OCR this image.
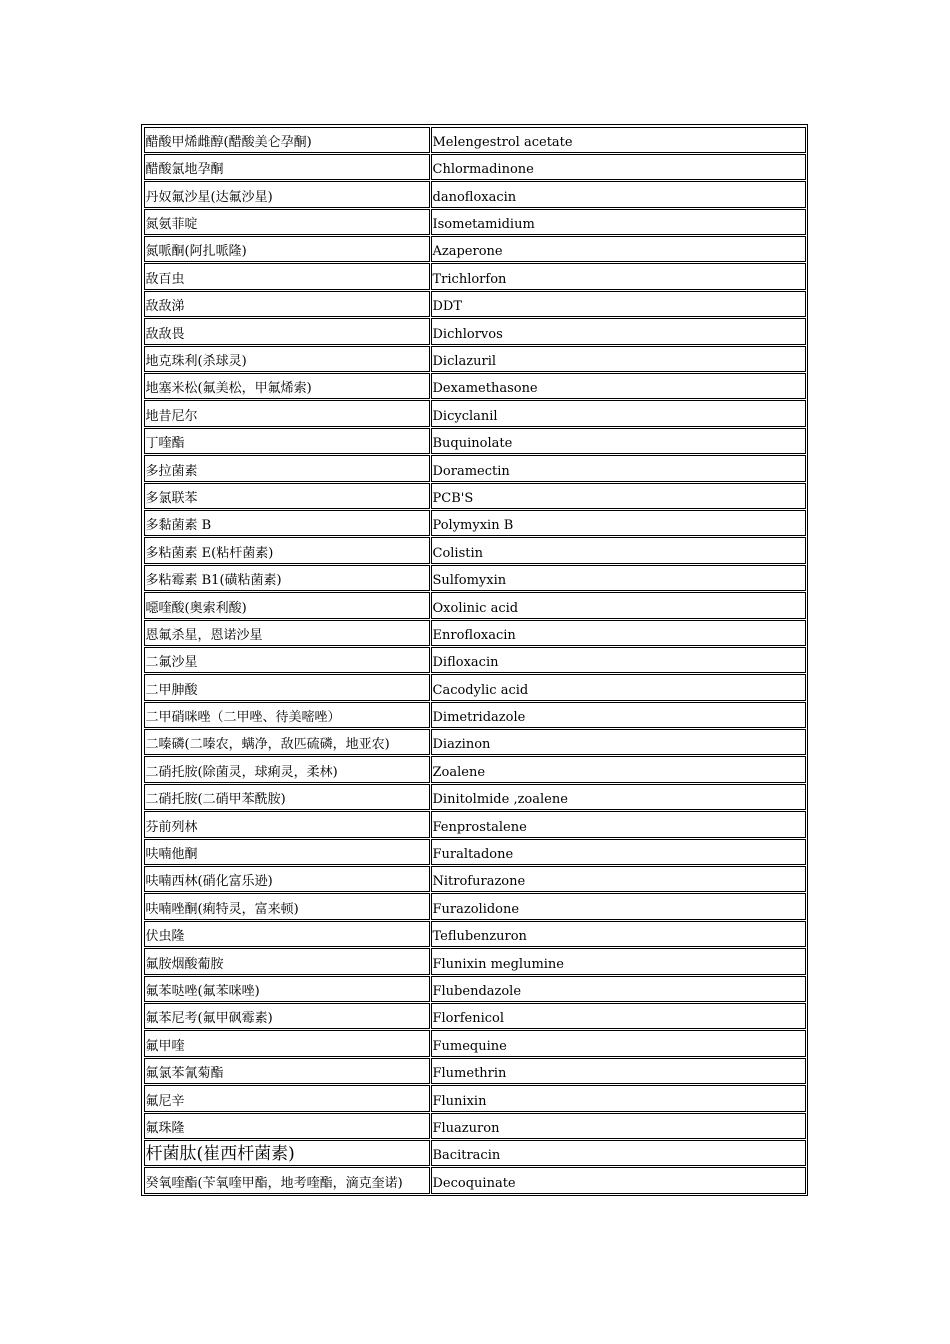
醋酸甲烯雌醇(醋酸美仑孕酮)	Melengestrol acetate
醋酸氯地孕酮	Chlormadinone
丹奴氟沙星(达氟沙星)	danofloxacin
氮氨菲啶	Isometamidium
氮哌酮(阿扎哌隆)	Azaperone
敌百虫	Trichlorfon
敌敌涕	DDT
敌敌畏	Dichlorvos
地克珠利(杀球灵)	Diclazuril
地塞米松(氟美松，甲氟烯索)	Dexamethasone
地昔尼尔	Dicyclanil
丁喹酯	Buquinolate
多拉菌素	Doramectin
多氯联苯	PCB'S
多黏菌素 B	Polymyxin B
多粘菌素 E(粘杆菌素)	Colistin
多粘霉素 B1(磺粘菌素)	Sulfomyxin
噁喹酸(奥索利酸)	Oxolinic acid
恩氟杀星，恩诺沙星	Enrofloxacin
二氟沙星	Difloxacin
二甲胂酸	Cacodylic acid
二甲硝咪唑（二甲唑、待美嘧唑）	Dimetridazole
二嗪磷(二嗪农，螨净，敌匹硫磷，地亚农)	Diazinon
二硝托胺(除菌灵，球痢灵，柔林)	Zoalene
二硝托胺(二硝甲苯酰胺)	Dinitolmide ,zoalene
芬前列林	Fenprostalene
呋喃他酮	Furaltadone
呋喃西林(硝化富乐逊)	Nitrofurazone
呋喃唑酮(痢特灵，富来顿)	Furazolidone
伏虫隆	Teflubenzuron
氟胺烟酸葡胺	Flunixin meglumine
氟苯哒唑(氟苯咪唑)	Flubendazole
氟苯尼考(氟甲砜霉素)	Florfenicol
氟甲喹	Fumequine
氟氯苯氰菊酯	Flumethrin
氟尼辛	Flunixin
氟珠隆	Fluazuron
杆菌肽(崔西杆菌素)	Bacitracin
癸氧喹酯(苄氧喹甲酯，地考喹酯，滴克奎诺)	Decoquinate
